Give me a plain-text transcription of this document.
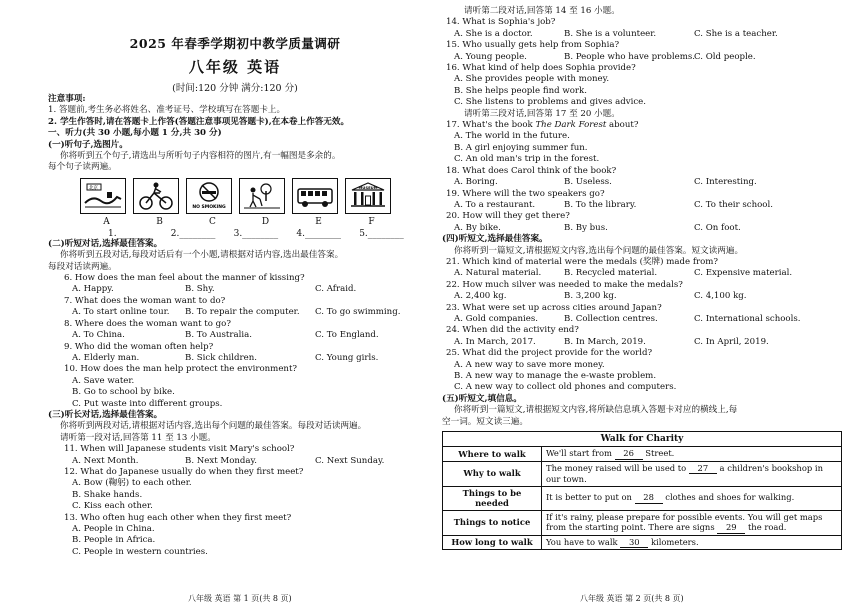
2025 年春季学期初中教学质量调研
八年级 英语
(时间:120 分钟 满分:120 分)
注意事项:
1. 答题前,考生务必将姓名、准考证号、学校填写在答题卡上。
2. 学生作答时,请在答题卡上作答(答题注意事项见答题卡),在本卷上作答无效。
一、听力(共 30 小题,每小题 1 分,共 30 分)
(一)听句子,选图片。
你将听到五个句子,请选出与所听句子内容相符的图片,有一幅图是多余的。
每个句子读两遍。
北京
NO SMOKING
MUSEUM
A	B	C	D	E	F
1.________	2.________	3.________	4.________	5.________
(二)听短对话,选择最佳答案。
你将听到五段对话,每段对话后有一个小题,请根据对话内容,选出最佳答案。
每段对话读两遍。
6. How does the man feel about the manner of kissing?
A. Happy.	B. Shy.	C. Afraid.
7. What does the woman want to do?
A. To start online tour.	B. To repair the computer.	C. To go swimming.
8. Where does the woman want to go?
A. To China.	B. To Australia.	C. To England.
9. Who did the woman often help?
A. Elderly man.	B. Sick children.	C. Young girls.
10. How does the man help protect the environment?
A. Save water.
B. Go to school by bike.
C. Put waste into different groups.
(三)听长对话,选择最佳答案。
你将听到两段对话,请根据对话内容,选出每个问题的最佳答案。每段对话读两遍。
请听第一段对话,回答第 11 至 13 小题。
11. When will Japanese students visit Mary's school?
A. Next Month.	B. Next Monday.	C. Next Sunday.
12. What do Japanese usually do when they first meet?
A. Bow (鞠躬) to each other.
B. Shake hands.
C. Kiss each other.
13. Who often hug each other when they first meet?
A. People in China.
B. People in Africa.
C. People in western countries.
八年级 英语 第 1 页(共 8 页)
请听第二段对话,回答第 14 至 16 小题。
14. What is Sophia's job?
A. She is a doctor.	B. She is a volunteer.	C. She is a teacher.
15. Who usually gets help from Sophia?
A. Young people.	B. People who have problems.
C. Old people.
16. What kind of help does Sophia provide?
A. She provides people with money.
B. She helps people find work.
C. She listens to problems and gives advice.
请听第三段对话,回答第 17 至 20 小题。
17. What's the book The Dark Forest about?
A. The world in the future.
B. A girl enjoying summer fun.
C. An old man's trip in the forest.
18. What does Carol think of the book?
A. Boring.	B. Useless.	C. Interesting.
19. Where will the two speakers go?
A. To a restaurant.	B. To the library.	C. To their school.
20. How will they get there?
A. By bike.	B. By bus.	C. On foot.
(四)听短文,选择最佳答案。
你将听到一篇短文,请根据短文内容,选出每个问题的最佳答案。短文读两遍。
21. Which kind of material were the medals (奖牌) made from?
A. Natural material.	B. Recycled material.	C. Expensive material.
22. How much silver was needed to make the medals?
A. 2,400 kg.	B. 3,200 kg.	C. 4,100 kg.
23. What were set up across cities around Japan?
A. Gold companies.	B. Collection centres.	C. International schools.
24. When did the activity end?
A. In March, 2017.	B. In March, 2019.	C. In April, 2019.
25. What did the project provide for the world?
A. A new way to save more money.
B. A new way to manage the e-waste problem.
C. A new way to collect old phones and computers.
(五)听短文,填信息。
你将听到一篇短文,请根据短文内容,将所缺信息填入答题卡对应的横线上,每
空一词。短文读三遍。
Walk for Charity	
Where to walk	We'll start from 26 Street.
Why to walk	The money raised will be used to 27 a children's bookshop in our town.
Things to be needed	It is better to put on 28 clothes and shoes for walking.
Things to notice	If it's rainy, please prepare for possible events. You will get maps from the starting point. There are signs 29 the road.
How long to walk	You have to walk 30 kilometers.
八年级 英语 第 2 页(共 8 页)
